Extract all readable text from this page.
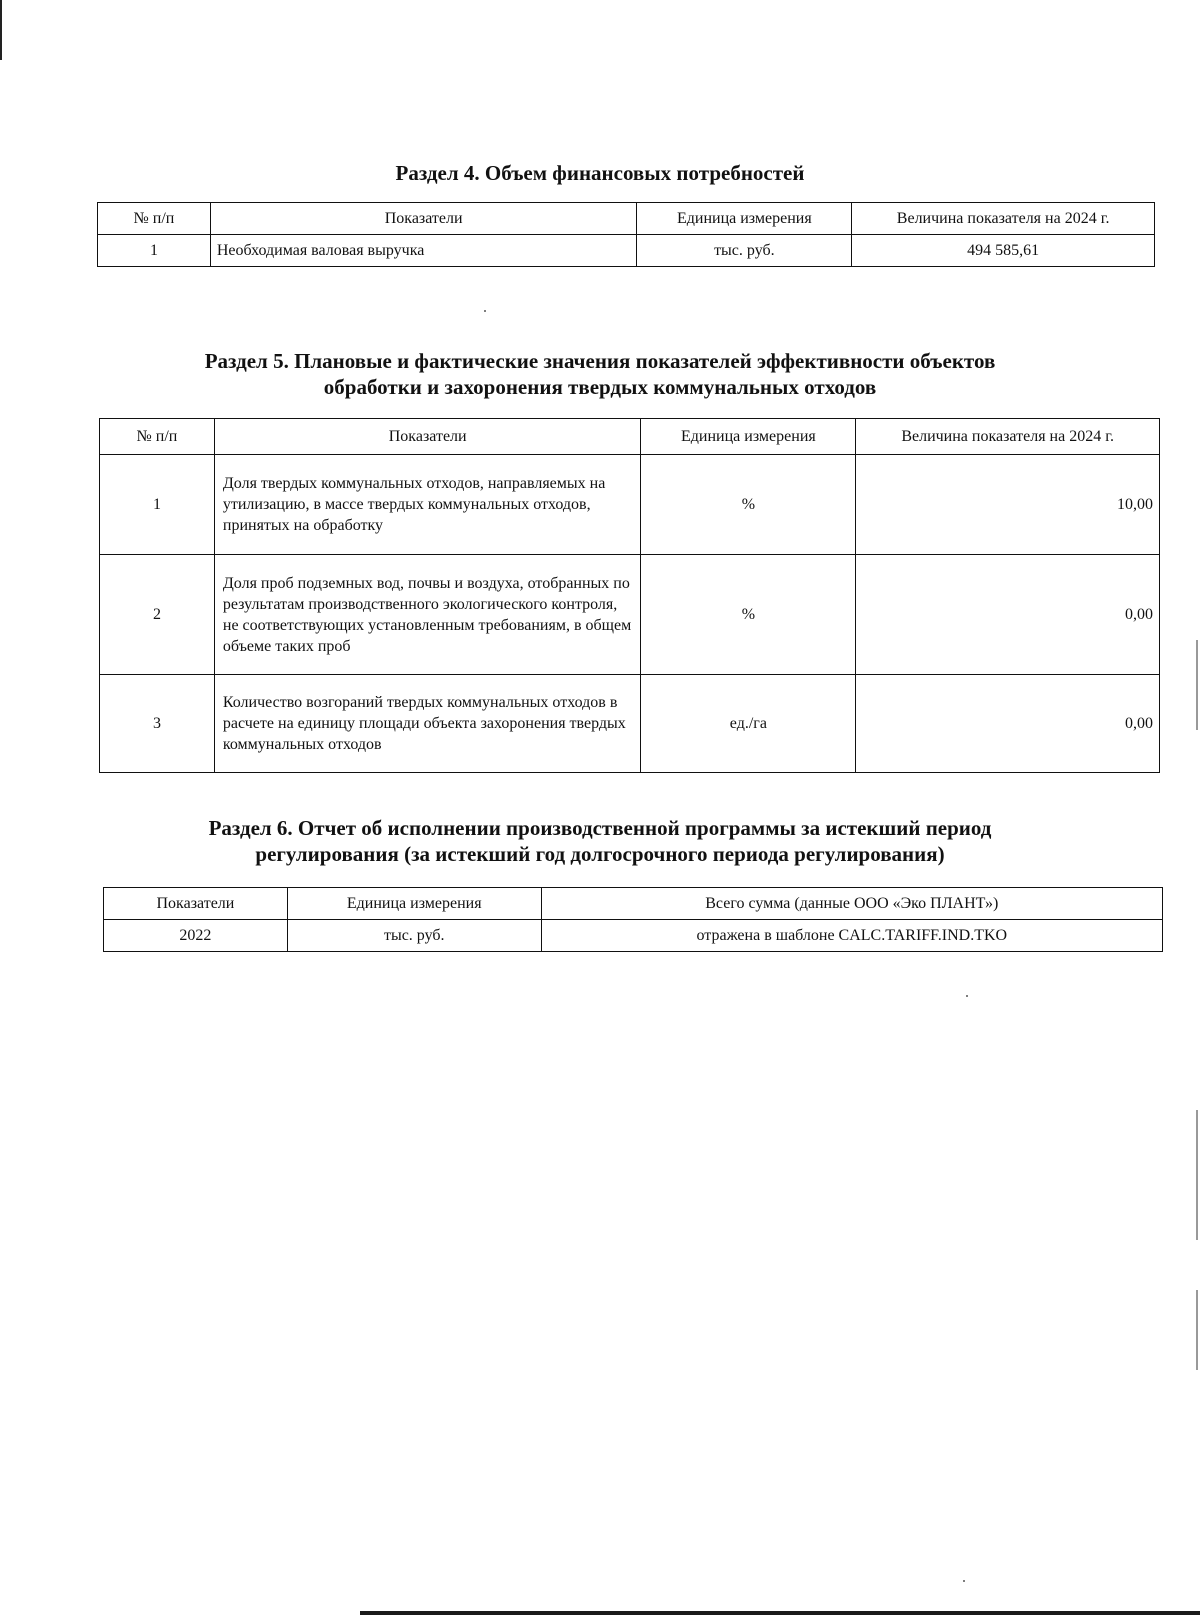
Раздел 4. Объем финансовых потребностей
№ п/п	Показатели	Единица измерения	Величина показателя на 2024 г.
1	Необходимая валовая выручка	тыс. руб.	494 585,61
Раздел 5. Плановые и фактические значения показателей эффективности объектов
обработки и захоронения твердых коммунальных отходов
№ п/п	Показатели	Единица измерения	Величина показателя на 2024 г.
1	Доля твердых коммунальных отходов, направляемых на утилизацию, в массе твердых коммунальных отходов, принятых на обработку	%	10,00
2	Доля проб подземных вод, почвы и воздуха, отобранных по результатам производственного экологического контроля, не соответствующих установленным требованиям, в общем объеме таких проб	%	0,00
3	Количество возгораний твердых коммунальных отходов в расчете на единицу площади объекта захоронения твердых коммунальных отходов	ед./га	0,00
Раздел 6. Отчет об исполнении производственной программы за истекший период
регулирования (за истекший год долгосрочного периода регулирования)
Показатели	Единица измерения	Всего сумма (данные ООО «Эко ПЛАНТ»)
2022	тыс. руб.	отражена в шаблоне CALC.TARIFF.IND.TKO
